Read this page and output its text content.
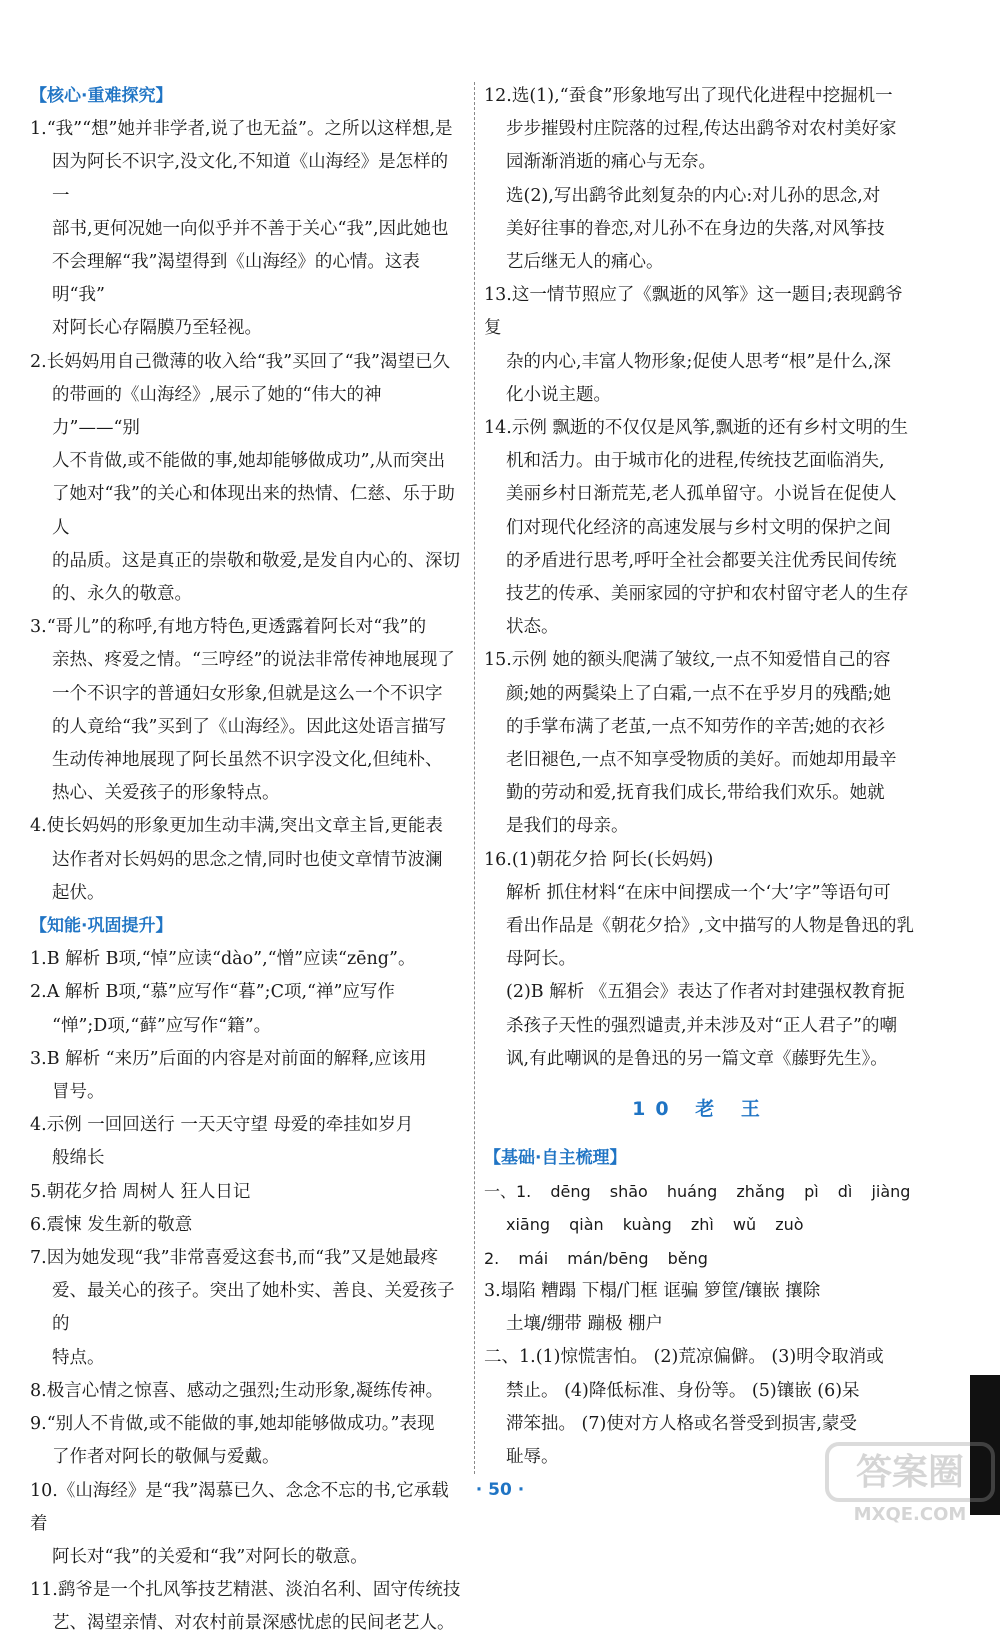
【核心·重难探究】
1.“我”“想”她并非学者,说了也无益”。之所以这样想,是
因为阿长不识字,没文化,不知道《山海经》是怎样的一
部书,更何况她一向似乎并不善于关心“我”,因此她也
不会理解“我”渴望得到《山海经》的心情。这表明“我”
对阿长心存隔膜乃至轻视。
2.长妈妈用自己微薄的收入给“我”买回了“我”渴望已久
的带画的《山海经》,展示了她的“伟大的神力”——“别
人不肯做,或不能做的事,她却能够做成功”,从而突出
了她对“我”的关心和体现出来的热情、仁慈、乐于助人
的品质。这是真正的崇敬和敬爱,是发自内心的、深切
的、永久的敬意。
3.“哥儿”的称呼,有地方特色,更透露着阿长对“我”的
亲热、疼爱之情。“三哼经”的说法非常传神地展现了
一个不识字的普通妇女形象,但就是这么一个不识字
的人竟给“我”买到了《山海经》。因此这处语言描写
生动传神地展现了阿长虽然不识字没文化,但纯朴、
热心、关爱孩子的形象特点。
4.使长妈妈的形象更加生动丰满,突出文章主旨,更能表
达作者对长妈妈的思念之情,同时也使文章情节波澜
起伏。
【知能·巩固提升】
1.B 解析 B项,“悼”应读“dào”,“憎”应读“zēng”。
2.A 解析 B项,“慕”应写作“暮”;C项,“禅”应写作
“惮”;D项,“藓”应写作“籍”。
3.B 解析 “来历”后面的内容是对前面的解释,应该用
冒号。
4.示例 一回回送行 一天天守望 母爱的牵挂如岁月
般绵长
5.朝花夕拾 周树人 狂人日记
6.震悚 发生新的敬意
7.因为她发现“我”非常喜爱这套书,而“我”又是她最疼
爱、最关心的孩子。突出了她朴实、善良、关爱孩子的
特点。
8.极言心情之惊喜、感动之强烈;生动形象,凝练传神。
9.“别人不肯做,或不能做的事,她却能够做成功。”表现
了作者对阿长的敬佩与爱戴。
10.《山海经》是“我”渴慕已久、念念不忘的书,它承载着
阿长对“我”的关爱和“我”对阿长的敬意。
11.鹞爷是一个扎风筝技艺精湛、淡泊名利、固守传统技
艺、渴望亲情、对农村前景深感忧虑的民间老艺人。
12.选(1),“蚕食”形象地写出了现代化进程中挖掘机一
步步摧毁村庄院落的过程,传达出鹞爷对农村美好家
园渐渐消逝的痛心与无奈。
选(2),写出鹞爷此刻复杂的内心:对儿孙的思念,对
美好往事的眷恋,对儿孙不在身边的失落,对风筝技
艺后继无人的痛心。
13.这一情节照应了《飘逝的风筝》这一题目;表现鹞爷复
杂的内心,丰富人物形象;促使人思考“根”是什么,深
化小说主题。
14.示例 飘逝的不仅仅是风筝,飘逝的还有乡村文明的生
机和活力。由于城市化的进程,传统技艺面临消失,
美丽乡村日渐荒芜,老人孤单留守。小说旨在促使人
们对现代化经济的高速发展与乡村文明的保护之间
的矛盾进行思考,呼吁全社会都要关注优秀民间传统
技艺的传承、美丽家园的守护和农村留守老人的生存
状态。
15.示例 她的额头爬满了皱纹,一点不知爱惜自己的容
颜;她的两鬓染上了白霜,一点不在乎岁月的残酷;她
的手掌布满了老茧,一点不知劳作的辛苦;她的衣衫
老旧褪色,一点不知享受物质的美好。而她却用最辛
勤的劳动和爱,抚育我们成长,带给我们欢乐。她就
是我们的母亲。
16.(1)朝花夕拾 阿长(长妈妈)
解析 抓住材料“在床中间摆成一个‘大’字”等语句可
看出作品是《朝花夕拾》,文中描写的人物是鲁迅的乳
母阿长。
(2)B 解析 《五猖会》表达了作者对封建强权教育扼
杀孩子天性的强烈谴责,并未涉及对“正人君子”的嘲
讽,有此嘲讽的是鲁迅的另一篇文章《藤野先生》。
10 老 王
【基础·自主梳理】
一、1. dēng shāo huáng zhǎng pì dì jiàng
xiāng qiàn kuàng zhì wǔ zuò
2. mái mán/bēng běng
3.塌陷 糟蹋 下榻/门框 诓骗 箩筐/镶嵌 攘除
土壤/绷带 蹦极 棚户
二、1.(1)惊慌害怕。 (2)荒凉偏僻。 (3)明令取消或
禁止。 (4)降低标准、身份等。 (5)镶嵌 (6)呆
滞笨拙。 (7)使对方人格或名誉受到损害,蒙受
耻辱。
· 50 ·	答案圈
MXQE.COM
